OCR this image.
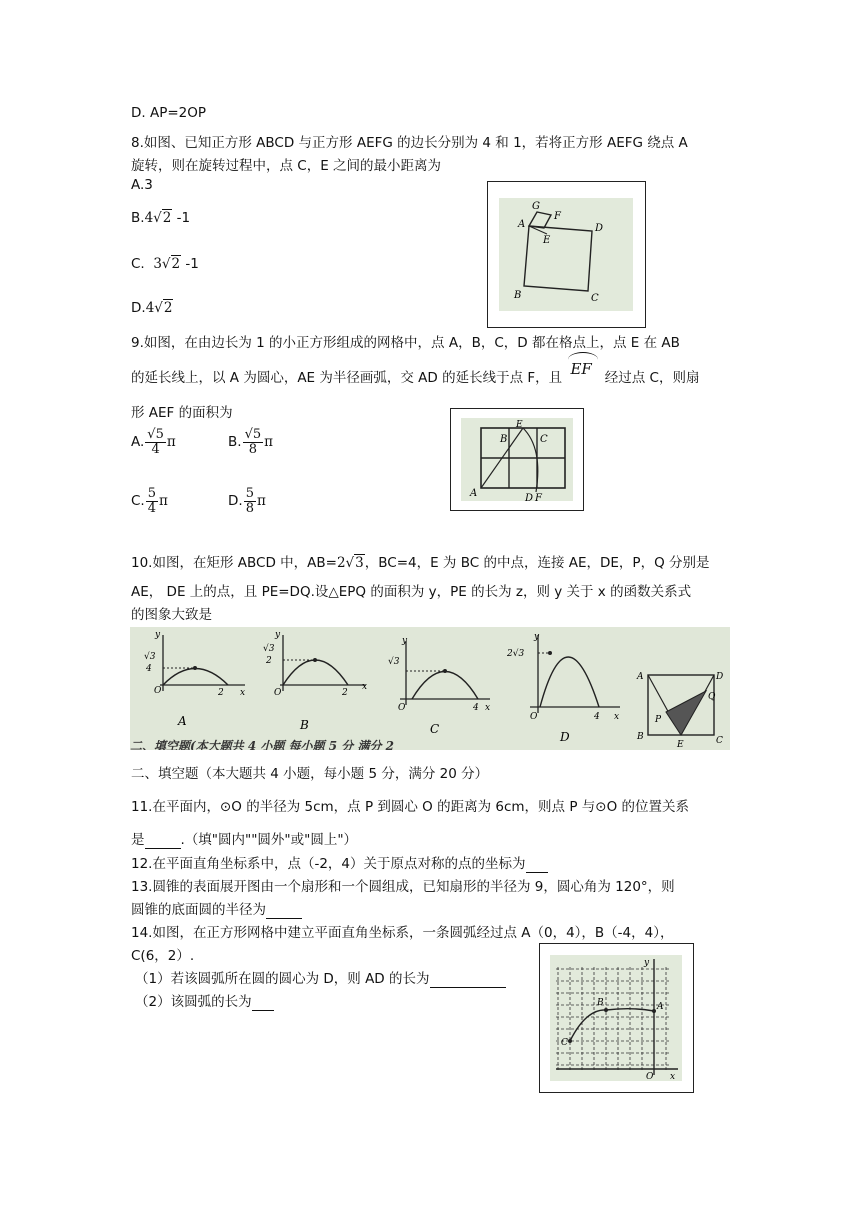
D. AP=2OP
8.如图、已知正方形 ABCD 与正方形 AEFG 的边长分别为 4 和 1，若将正方形 AEFG 绕点 A
旋转，则在旋转过程中，点 C，E 之间的最小距离为
A.3
B.4√2 -1
C. 3√2 -1
D.4√2
G
F
A
E
D
B	C
9.如图，在由边长为 1 的小正方形组成的网格中，点 A，B，C，D 都在格点上，点 E 在 AB
的延长线上，以 A 为圆心，AE 为半径画弧，交 AD 的延长线于点 F，且 EF 经过点 C，则扇
形 AEF 的面积为
A. $\frac{√5}{4}$ π	B. $\frac{√5}{8}$ π
C. $\frac{5}{4}$ π	D. $\frac{5}{8}$ π
B
E
C
A	D F
10.如图，在矩形 ABCD 中，AB=2√3，BC=4，E 为 BC 的中点，连接 AE，DE，P，Q 分别是
AE， DE 上的点，且 PE=DQ.设△EPQ 的面积为 y，PE 的长为 z，则 y 关于 x 的函数关系式
的图象大致是
y
√3
4
O	2 x
A
y
√3
2
O	2
x
B
y
√3
O	4 x
C
y
2√3
O	4 x
D
A	D
Q
P
B
E	C
二、填空题(本大题共 4 小题 每小题 5 分 满分 2
二、填空题（本大题共 4 小题，每小题 5 分，满分 20 分）
11.在平面内，⊙O 的半径为 5cm，点 P 到圆心 O 的距离为 6cm，则点 P 与⊙O 的位置关系
是	.（填"圆内""圆外"或"圆上"）
12.在平面直角坐标系中，点（-2，4）关于原点对称的点的坐标为
13.圆锥的表面展开图由一个扇形和一个圆组成，已知扇形的半径为 9，圆心角为 120°，则
圆锥的底面圆的半径为
14.如图，在正方形网格中建立平面直角坐标系，一条圆弧经过点 A（0，4），B（-4，4），
C(6，2）.
（1）若该圆弧所在圆的圆心为 D，则 AD 的长为
（2）该圆弧的长为
y
B	A
C
O x
